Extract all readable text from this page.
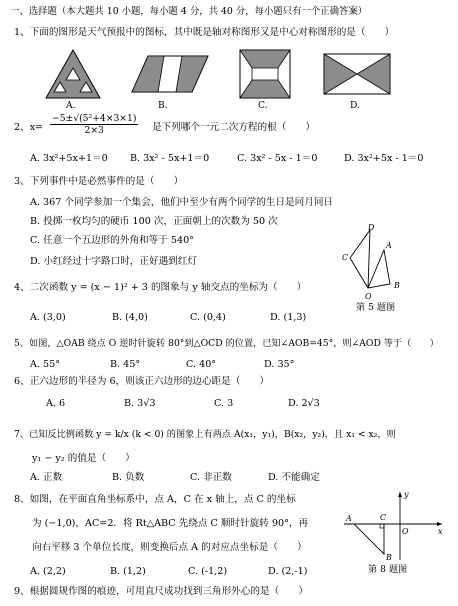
一、选择题（本大题共 10 小题，每小题 4 分，共 40 分，每小题只有一个正确答案）
1、下面的图形是天气预报中的图标，其中既是轴对称图形又是中心对称图形的是（　　）
A.	B.	C.	D.
2、$x= \frac{\text{−5±√(5²+4×3×1)}}{2\times 3}$ 是下列哪个一元二次方程的根（　　）
A. 3x²+5x+1＝0 B. 3x² - 5x+1＝0	C. 3x² - 5x - 1＝0	D. 3x²+5x - 1＝0
3、下列事件中是必然事件的是（　　）
A. 367 个同学参加一个集会，他们中至少有两个同学的生日是同月同日
B. 投掷一枚均匀的硬币 100 次，正面朝上的次数为 50 次
C. 任意一个五边形的外角和等于 540°
D. 小红经过十字路口时，正好遇到红灯
D
C
A
B
O
第 5 题图
4、二次函数 y = (x − 1)² + 3 的图象与 y 轴交点的坐标为（　　）
A. (3,0)	B. (4,0)	C. (0,4)	D. (1,3)
5、如图，△OAB 绕点 O 逆时针旋转 80°到△OCD 的位置，已知∠AOB=45°，则∠AOD 等于（　　）
A. 55°	B. 45°	C. 40°	D. 35°
6、正六边形的半径为 6，则该正六边形的边心距是（　　）
A. 6	B. 3√3	C. 3	D. 2√3
7、已知反比例函数 y = k/x (k < 0) 的图象上有两点 A(x₁，y₁)，B(x₂，y₂)，且 x₁ < x₂，则
y₁ − y₂ 的值是（　　）
A. 正数	B. 负数	C. 非正数	D. 不能确定
8、如图，在平面直角坐标系中，点 A，C 在 x 轴上，点 C 的坐标
为 (−1,0)，AC=2．将 Rt△ABC 先绕点 C 顺时针旋转 90°，再
向右平移 3 个单位长度，则变换后点 A 的对应点坐标是（　　）
A. (2,2)	B. (1,2)	C. (-1,2)	D. (2,-1)
A	C
O
B
x
y
第 8 题图
9、根据圆规作图的痕迹，可用直尺成功找到三角形外心的是（　　）
